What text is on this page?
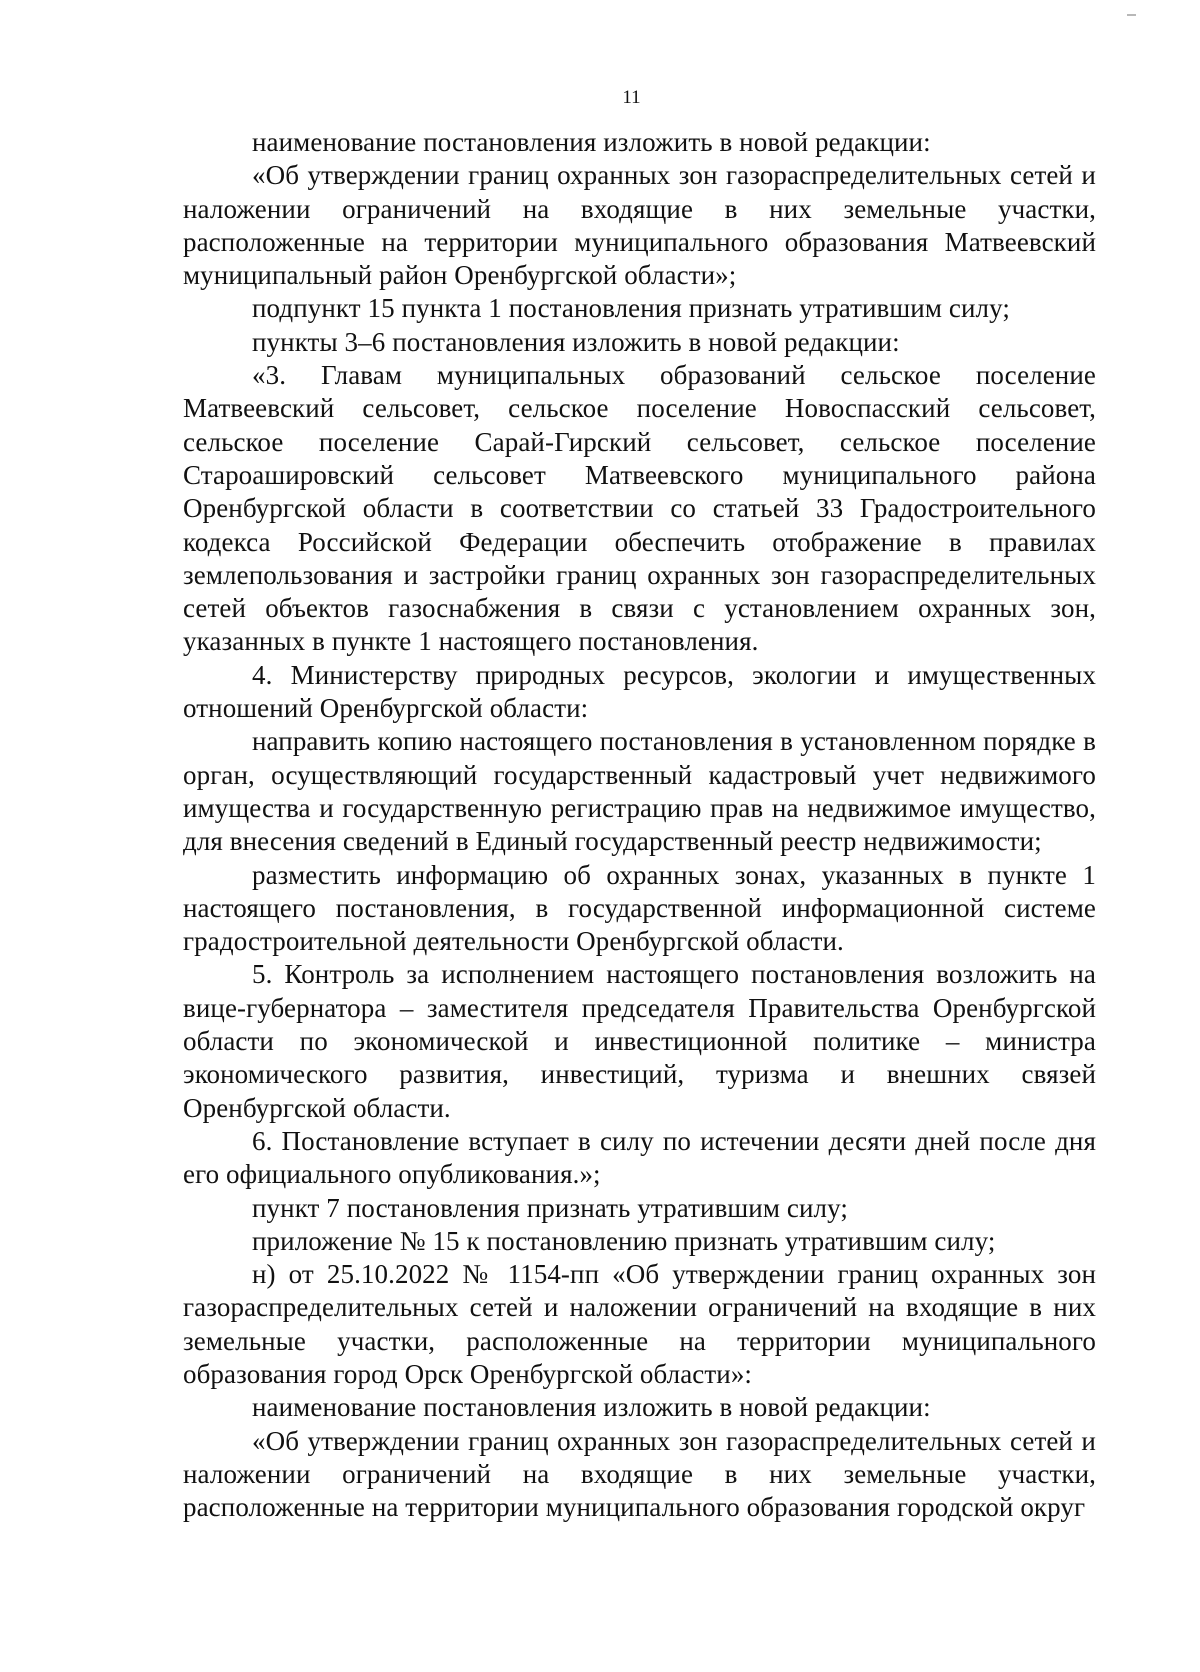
11

наименование постановления изложить в новой редакции:

«Об утверждении границ охранных зон газораспределительных сетей и наложении ограничений на входящие в них земельные участки, расположенные на территории муниципального образования Матвеевский муниципальный район Оренбургской области»;

подпункт 15 пункта 1 постановления признать утратившим силу;

пункты 3–6 постановления изложить в новой редакции:

«3. Главам муниципальных образований сельское поселение Матвеевский сельсовет, сельское поселение Новоспасский сельсовет, сельское поселение Сарай-Гирский сельсовет, сельское поселение Староашировский сельсовет Матвеевского муниципального района Оренбургской области в соответствии со статьей 33 Градостроительного кодекса Российской Федерации обеспечить отображение в правилах землепользования и застройки границ охранных зон газораспределительных сетей объектов газоснабжения в связи с установлением охранных зон, указанных в пункте 1 настоящего постановления.

4. Министерству природных ресурсов, экологии и имущественных отношений Оренбургской области:

направить копию настоящего постановления в установленном порядке в орган, осуществляющий государственный кадастровый учет недвижимого имущества и государственную регистрацию прав на недвижимое имущество, для внесения сведений в Единый государственный реестр недвижимости;

разместить информацию об охранных зонах, указанных в пункте 1 настоящего постановления, в государственной информационной системе градостроительной деятельности Оренбургской области.

5. Контроль за исполнением настоящего постановления возложить на вице-губернатора – заместителя председателя Правительства Оренбургской области по экономической и инвестиционной политике – министра экономического развития, инвестиций, туризма и внешних связей Оренбургской области.

6. Постановление вступает в силу по истечении десяти дней после дня его официального опубликования.»;

пункт 7 постановления признать утратившим силу;

приложение № 15 к постановлению признать утратившим силу;

н) от 25.10.2022 № 1154-пп «Об утверждении границ охранных зон газораспределительных сетей и наложении ограничений на входящие в них земельные участки, расположенные на территории муниципального образования город Орск Оренбургской области»:

наименование постановления изложить в новой редакции:

«Об утверждении границ охранных зон газораспределительных сетей и наложении ограничений на входящие в них земельные участки, расположенные на территории муниципального образования городской округ
